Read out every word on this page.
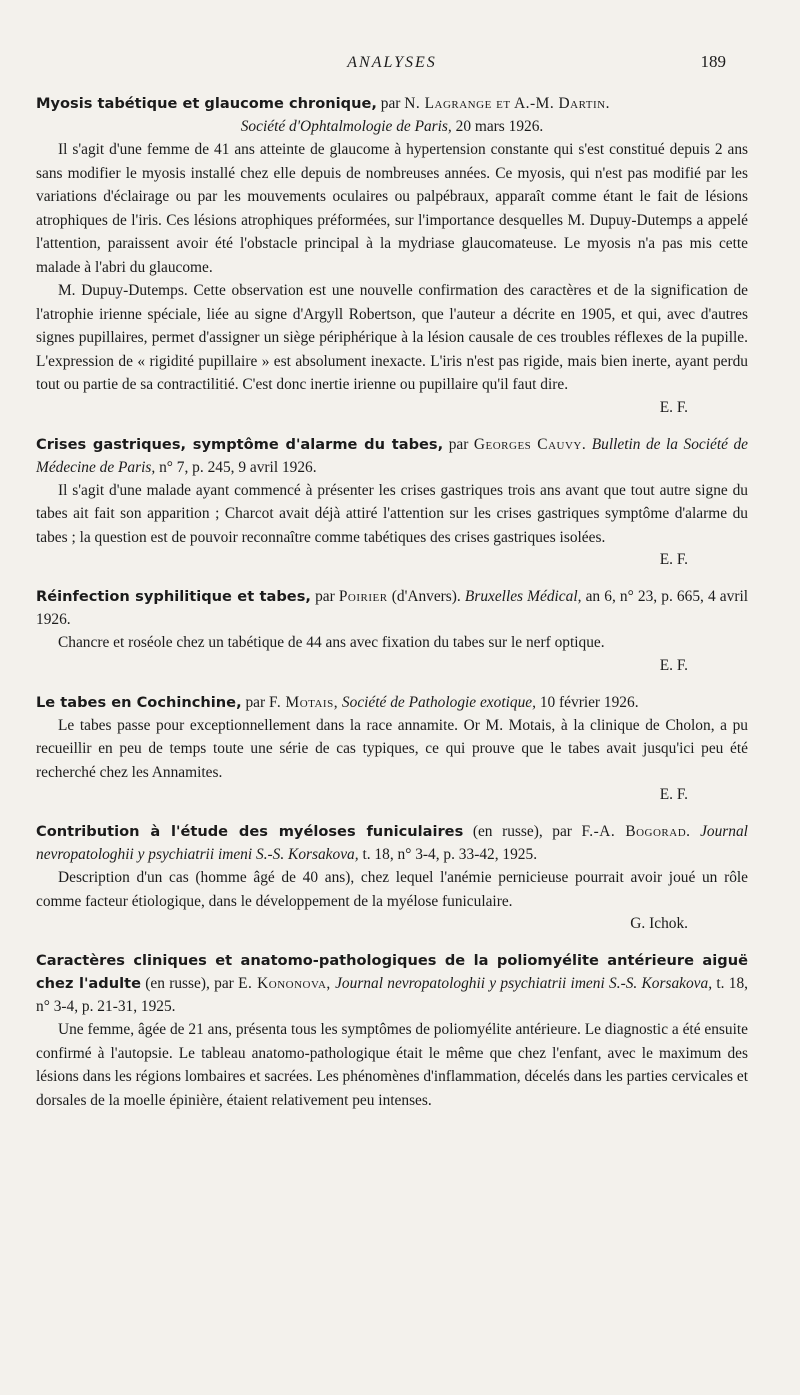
ANALYSES	189
Myosis tabétique et glaucome chronique, par N. Lagrange et A.-M. Dartin.
Société d'Ophtalmologie de Paris, 20 mars 1926.

Il s'agit d'une femme de 41 ans atteinte de glaucome à hypertension constante qui s'est constitué depuis 2 ans sans modifier le myosis installé chez elle depuis de nombreuses années. Ce myosis, qui n'est pas modifié par les variations d'éclairage ou par les mouvements oculaires ou palpébraux, apparaît comme étant le fait de lésions atrophiques de l'iris. Ces lésions atrophiques préformées, sur l'importance desquelles M. Dupuy-Dutemps a appelé l'attention, paraissent avoir été l'obstacle principal à la mydriase glaucomateuse. Le myosis n'a pas mis cette malade à l'abri du glaucome.

M. Dupuy-Dutemps. Cette observation est une nouvelle confirmation des caractères et de la signification de l'atrophie irienne spéciale, liée au signe d'Argyll Robertson, que l'auteur a décrite en 1905, et qui, avec d'autres signes pupillaires, permet d'assigner un siège périphérique à la lésion causale de ces troubles réflexes de la pupille. L'expression de « rigidité pupillaire » est absolument inexacte. L'iris n'est pas rigide, mais bien inerte, ayant perdu tout ou partie de sa contractilitié. C'est donc inertie irienne ou pupillaire qu'il faut dire.

E. F.
Crises gastriques, symptôme d'alarme du tabes, par Georges Cauvy. Bulletin de la Société de Médecine de Paris, n° 7, p. 245, 9 avril 1926.

Il s'agit d'une malade ayant commencé à présenter les crises gastriques trois ans avant que tout autre signe du tabes ait fait son apparition ; Charcot avait déjà attiré l'attention sur les crises gastriques symptôme d'alarme du tabes ; la question est de pouvoir reconnaître comme tabétiques des crises gastriques isolées.

E. F.
Réinfection syphilitique et tabes, par Poirier (d'Anvers). Bruxelles Médical, an 6, n° 23, p. 665, 4 avril 1926.

Chancre et roséole chez un tabétique de 44 ans avec fixation du tabes sur le nerf optique.

E. F.
Le tabes en Cochinchine, par F. Motais, Société de Pathologie exotique, 10 février 1926.

Le tabes passe pour exceptionnellement dans la race annamite. Or M. Motais, à la clinique de Cholon, a pu recueillir en peu de temps toute une série de cas typiques, ce qui prouve que le tabes avait jusqu'ici peu été recherché chez les Annamites.

E. F.
Contribution à l'étude des myéloses funiculaires (en russe), par F.-A. Bogorad. Journal nevropatologhii y psychiatrii imeni S.-S. Korsakova, t. 18, n° 3-4, p. 33-42, 1925.

Description d'un cas (homme âgé de 40 ans), chez lequel l'anémie pernicieuse pourrait avoir joué un rôle comme facteur étiologique, dans le développement de la myélose funiculaire.

G. Ichok.
Caractères cliniques et anatomo-pathologiques de la poliomyélite antérieure aiguë chez l'adulte (en russe), par E. Kononova, Journal nevropatologhii y psychiatrii imeni S.-S. Korsakova, t. 18, n° 3-4, p. 21-31, 1925.

Une femme, âgée de 21 ans, présenta tous les symptômes de poliomyélite antérieure. Le diagnostic a été ensuite confirmé à l'autopsie. Le tableau anatomo-pathologique était le même que chez l'enfant, avec le maximum des lésions dans les régions lombaires et sacrées. Les phénomènes d'inflammation, décelés dans les parties cervicales et dorsales de la moelle épinière, étaient relativement peu intenses.
